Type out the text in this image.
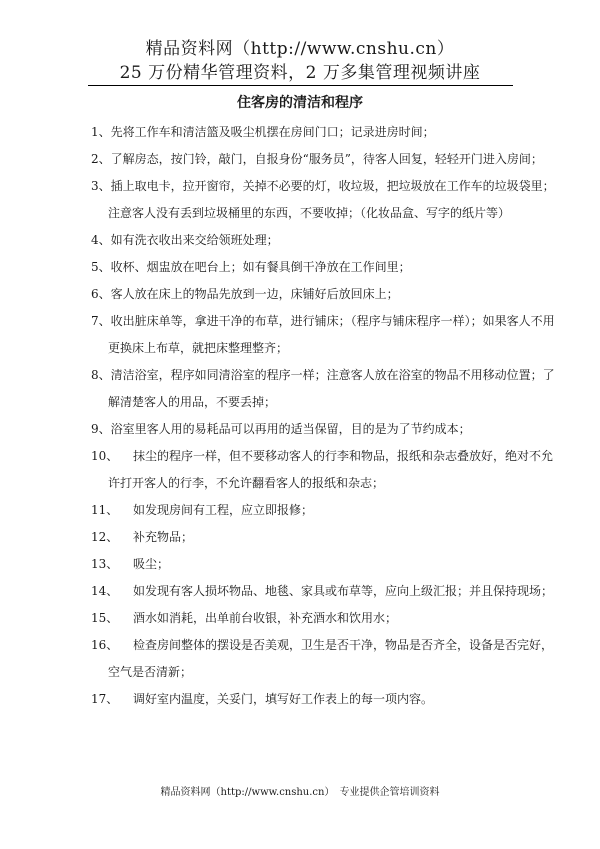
精品资料网（http://www.cnshu.cn）
25 万份精华管理资料，2 万多集管理视频讲座
住客房的清洁和程序
1、先将工作车和清洁篮及吸尘机摆在房间门口；记录进房时间；
2、了解房态，按门铃，敲门，自报身份“服务员”，待客人回复，轻轻开门进入房间；
3、插上取电卡，拉开窗帘，关掉不必要的灯，收垃圾，把垃圾放在工作车的垃圾袋里；
注意客人没有丢到垃圾桶里的东西，不要收掉；（化妆品盒、写字的纸片等）
4、如有洗衣收出来交给领班处理；
5、收杯、烟盅放在吧台上；如有餐具倒干净放在工作间里；
6、客人放在床上的物品先放到一边，床铺好后放回床上；
7、收出脏床单等，拿进干净的布草，进行铺床；（程序与铺床程序一样）；如果客人不用
更换床上布草，就把床整理整齐；
8、清洁浴室，程序如同清浴室的程序一样；注意客人放在浴室的物品不用移动位置；了
解清楚客人的用品，不要丢掉；
9、浴室里客人用的易耗品可以再用的适当保留，目的是为了节约成本；
10、 抹尘的程序一样，但不要移动客人的行李和物品，报纸和杂志叠放好，绝对不允
许打开客人的行李，不允许翻看客人的报纸和杂志；
11、 如发现房间有工程，应立即报修；
12、 补充物品；
13、 吸尘；
14、 如发现有客人损坏物品、地毯、家具或布草等，应向上级汇报；并且保持现场；
15、 酒水如消耗，出单前台收银，补充酒水和饮用水；
16、 检查房间整体的摆设是否美观，卫生是否干净，物品是否齐全，设备是否完好，
空气是否清新；
17、 调好室内温度，关妥门，填写好工作表上的每一项内容。
精品资料网（http://www.cnshu.cn）　专业提供企管培训资料
